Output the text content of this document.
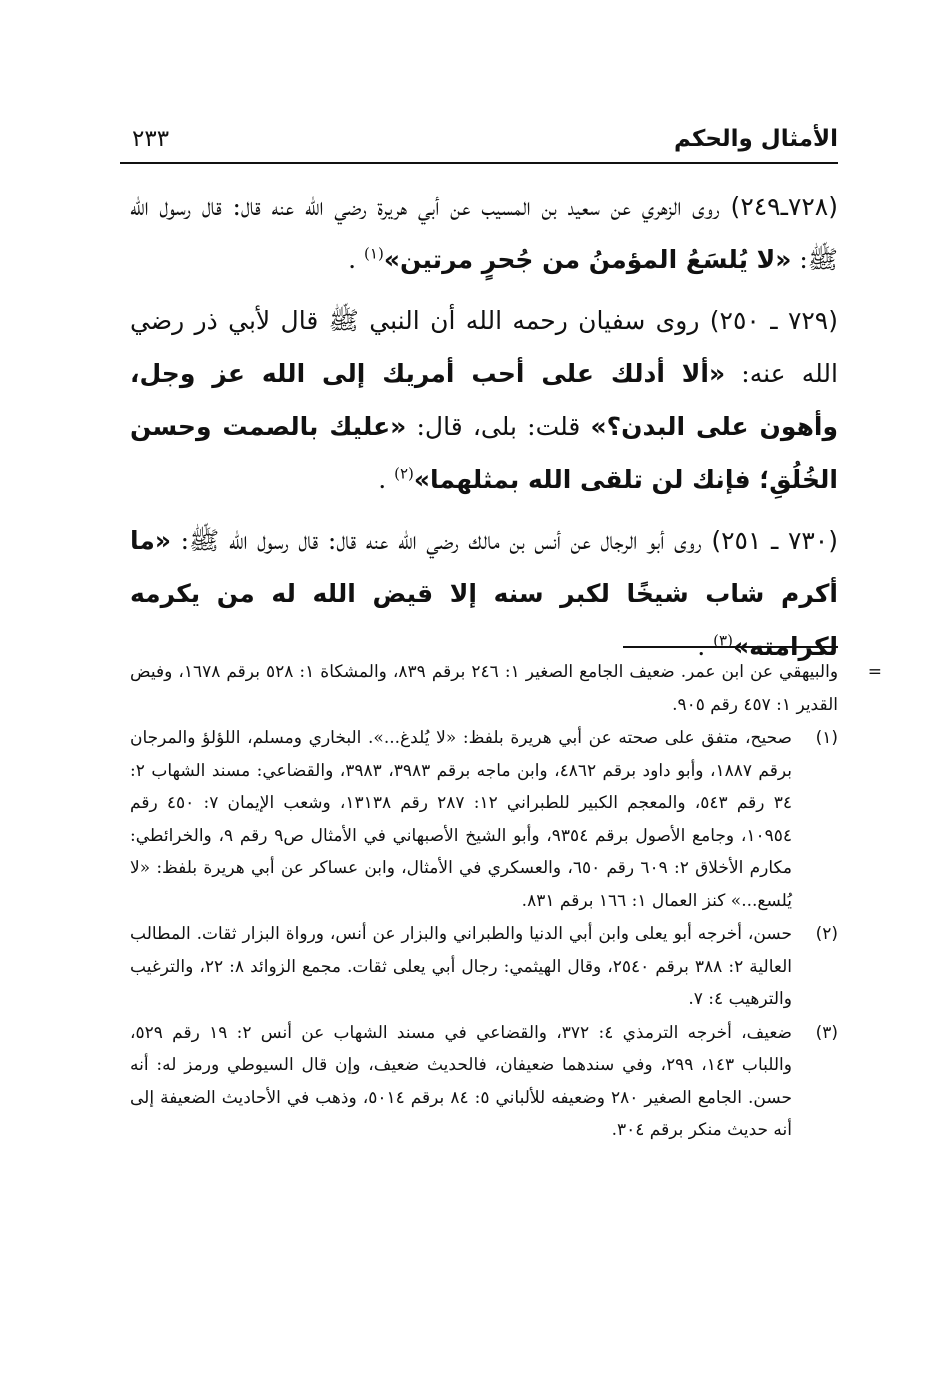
الأمثال والحكم
٢٣٣

(٧٢٨ـ٢٤٩) روى الزهري عن سعيد بن المسيب عن أبي هريرة رضي الله عنه قال: قال رسول الله ﷺ: «لا يُلسَعُ المؤمنُ من جُحرٍ مرتين»$^{(١)}$ .

(٧٢٩ ـ ٢٥٠) روى سفيان رحمه الله أن النبي ﷺ قال لأبي ذر رضي الله عنه: «ألا أدلك على أحب أمريك إلى الله عز وجل، وأهون على البدن؟» قلت: بلى، قال: «عليك بالصمت وحسن الخُلُقِ؛ فإنك لن تلقى الله بمثلهما»$^{(٢)}$ .

(٧٣٠ ـ ٢٥١) روى أبو الرجال عن أنس بن مالك رضي الله عنه قال: قال رسول الله ﷺ: «ما أكرم شاب شيخًا لكبر سنه إلا قيض الله له من يكرمه لكرامته»$^{(٣)}$ .

=
والبيهقي عن ابن عمر. ضعيف الجامع الصغير ١: ٢٤٦ برقم ٨٣٩، والمشكاة ١: ٥٢٨ برقم ١٦٧٨، وفيض القدير ١: ٤٥٧ رقم ٩٠٥.
(١)
صحيح، متفق على صحته عن أبي هريرة بلفظ: «لا يُلدغ...». البخاري ومسلم، اللؤلؤ والمرجان برقم ١٨٨٧، وأبو داود برقم ٤٨٦٢، وابن ماجه برقم ٣٩٨٣، ٣٩٨٣، والقضاعي: مسند الشهاب ٢: ٣٤ رقم ٥٤٣، والمعجم الكبير للطبراني ١٢: ٢٨٧ رقم ١٣١٣٨، وشعب الإيمان ٧: ٤٥٠ رقم ١٠٩٥٤، وجامع الأصول برقم ٩٣٥٤، وأبو الشيخ الأصبهاني في الأمثال ص٩ رقم ٩، والخرائطي: مكارم الأخلاق ٢: ٦٠٩ رقم ٦٥٠، والعسكري في الأمثال، وابن عساكر عن أبي هريرة بلفظ: «لا يُلسع...» كنز العمال ١: ١٦٦ برقم ٨٣١.
(٢)
حسن، أخرجه أبو يعلى وابن أبي الدنيا والطبراني والبزار عن أنس، ورواة البزار ثقات. المطالب العالية ٢: ٣٨٨ برقم ٢٥٤٠، وقال الهيثمي: رجال أبي يعلى ثقات. مجمع الزوائد ٨: ٢٢، والترغيب والترهيب ٤: ٧.
(٣)
ضعيف، أخرجه الترمذي ٤: ٣٧٢، والقضاعي في مسند الشهاب عن أنس ٢: ١٩ رقم ٥٢٩، واللباب ١٤٣، ٢٩٩، وفي سندهما ضعيفان، فالحديث ضعيف، وإن قال السيوطي ورمز له: أنه حسن. الجامع الصغير ٢٨٠ وضعيفه للألباني ٥: ٨٤ برقم ٥٠١٤، وذهب في الأحاديث الضعيفة إلى أنه حديث منكر برقم ٣٠٤.
